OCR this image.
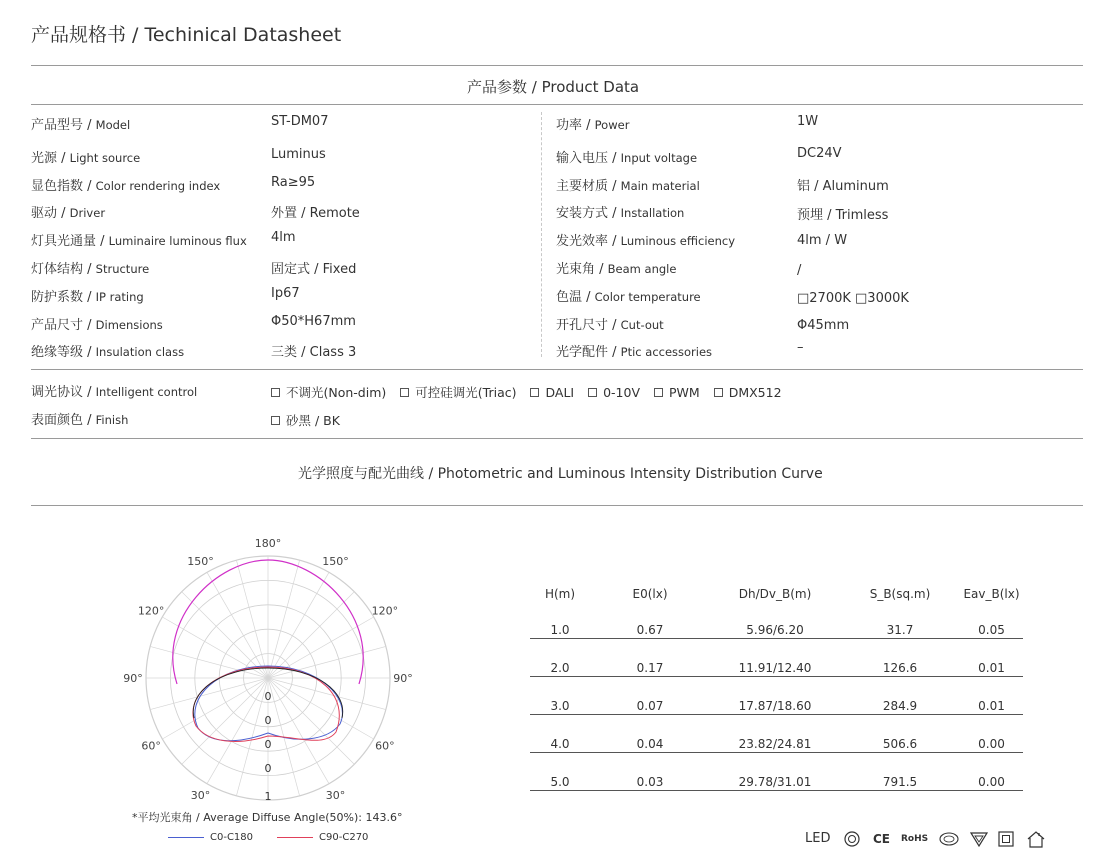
产品规格书 / Techinical Datasheet
产品参数 / Product Data
产品型号 / Model	ST-DM07
光源 / Light source	Luminus
显色指数 / Color rendering index	Ra≥95
驱动 / Driver	外置 / Remote
灯具光通量 / Luminaire luminous flux 4lm
灯体结构 / Structure	固定式 / Fixed
防护系数 / IP rating	Ip67
产品尺寸 / Dimensions	Φ50*H67mm
绝缘等级 / Insulation class	三类 / Class 3
功率 / Power	1W
输入电压 / Input voltage	DC24V
主要材质 / Main material	铝 / Aluminum
安装方式 / Installation	预埋 / Trimless
发光效率 / Luminous efficiency	4lm / W
光束角 / Beam angle	/
色温 / Color temperature	□2700K □3000K
开孔尺寸 / Cut-out	Φ45mm
光学配件 / Ptic accessories	–
调光协议 / Intelligent control	不调光(Non-dim) 可控硅调光(Triac) DALI 0-10V PWM DMX512
表面颜色 / Finish	砂黑 / BK
光学照度与配光曲线 / Photometric and Luminous Intensity Distribution Curve
180°
150°	150°
120°	120°
90°	90°
60°	60°
30°	30°
0
0
0
0
1
*平均光束角 / Average Diffuse Angle(50%): 143.6°
C0-C180	C90-C270
H(m)	E0(lx)	Dh/Dv_B(m)	S_B(sq.m)	Eav_B(lx)

1.0	0.67	5.96/6.20	31.7	0.05

2.0	0.17	11.91/12.40	126.6	0.01

3.0	0.07	17.87/18.60	284.9	0.01

4.0	0.04	23.82/24.81	506.6	0.00

5.0	0.03	29.78/31.01	791.5	0.00
LED	CE	RoHS
